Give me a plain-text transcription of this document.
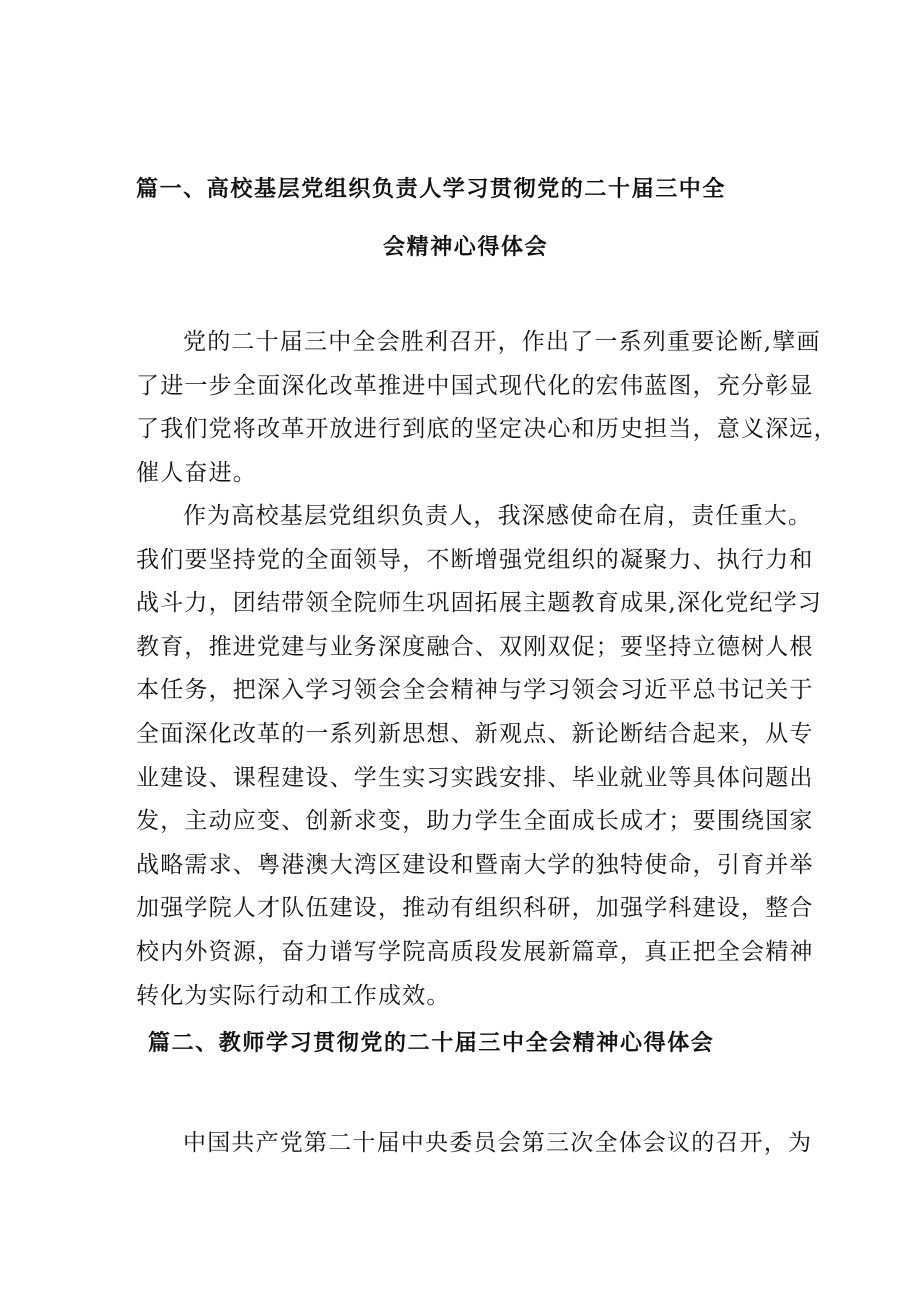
篇一、高校基层党组织负责人学习贯彻党的二十届三中全
会精神心得体会

党的二十届三中全会胜利召开，作出了一系列重要论断,擘画
了进一步全面深化改革推进中国式现代化的宏伟蓝图，充分彰显
了我们党将改革开放进行到底的坚定决心和历史担当，意义深远，
催人奋进。

作为高校基层党组织负责人，我深感使命在肩，责任重大。
我们要坚持党的全面领导，不断增强党组织的凝聚力、执行力和
战斗力，团结带领全院师生巩固拓展主题教育成果,深化党纪学习
教育，推进党建与业务深度融合、双刚双促；要坚持立德树人根
本任务，把深入学习领会全会精神与学习领会习近平总书记关于
全面深化改革的一系列新思想、新观点、新论断结合起来，从专
业建设、课程建设、学生实习实践安排、毕业就业等具体问题出
发，主动应变、创新求变，助力学生全面成长成才；要围绕国家
战略需求、粤港澳大湾区建设和暨南大学的独特使命，引育并举
加强学院人才队伍建设，推动有组织科研，加强学科建设，整合
校内外资源，奋力谱写学院高质段发展新篇章，真正把全会精神
转化为实际行动和工作成效。

篇二、教师学习贯彻党的二十届三中全会精神心得体会

中国共产党第二十届中央委员会第三次全体会议的召开，为
